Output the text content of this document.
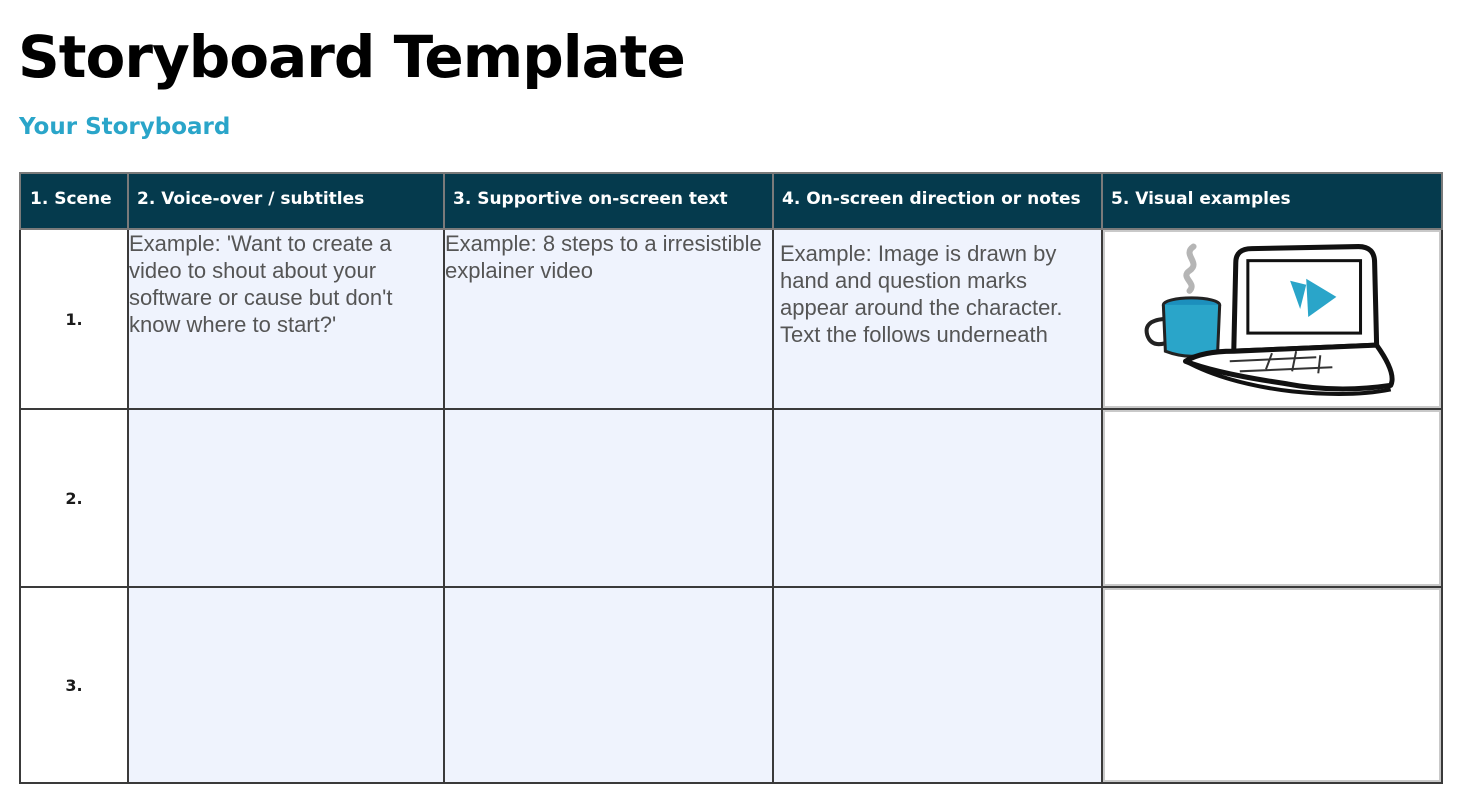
Storyboard Template
Your Storyboard
1. Scene	2. Voice-over / subtitles	3. Supportive on-screen text	4. On-screen direction or notes	5. Visual examples
1.	Example: 'Want to create a video to shout about your software or cause but don't know where to start?'	Example: 8 steps to a irresistible explainer video	Example: Image is drawn by hand and question marks appear around the character. Text the follows underneath	

2.				

3.				
